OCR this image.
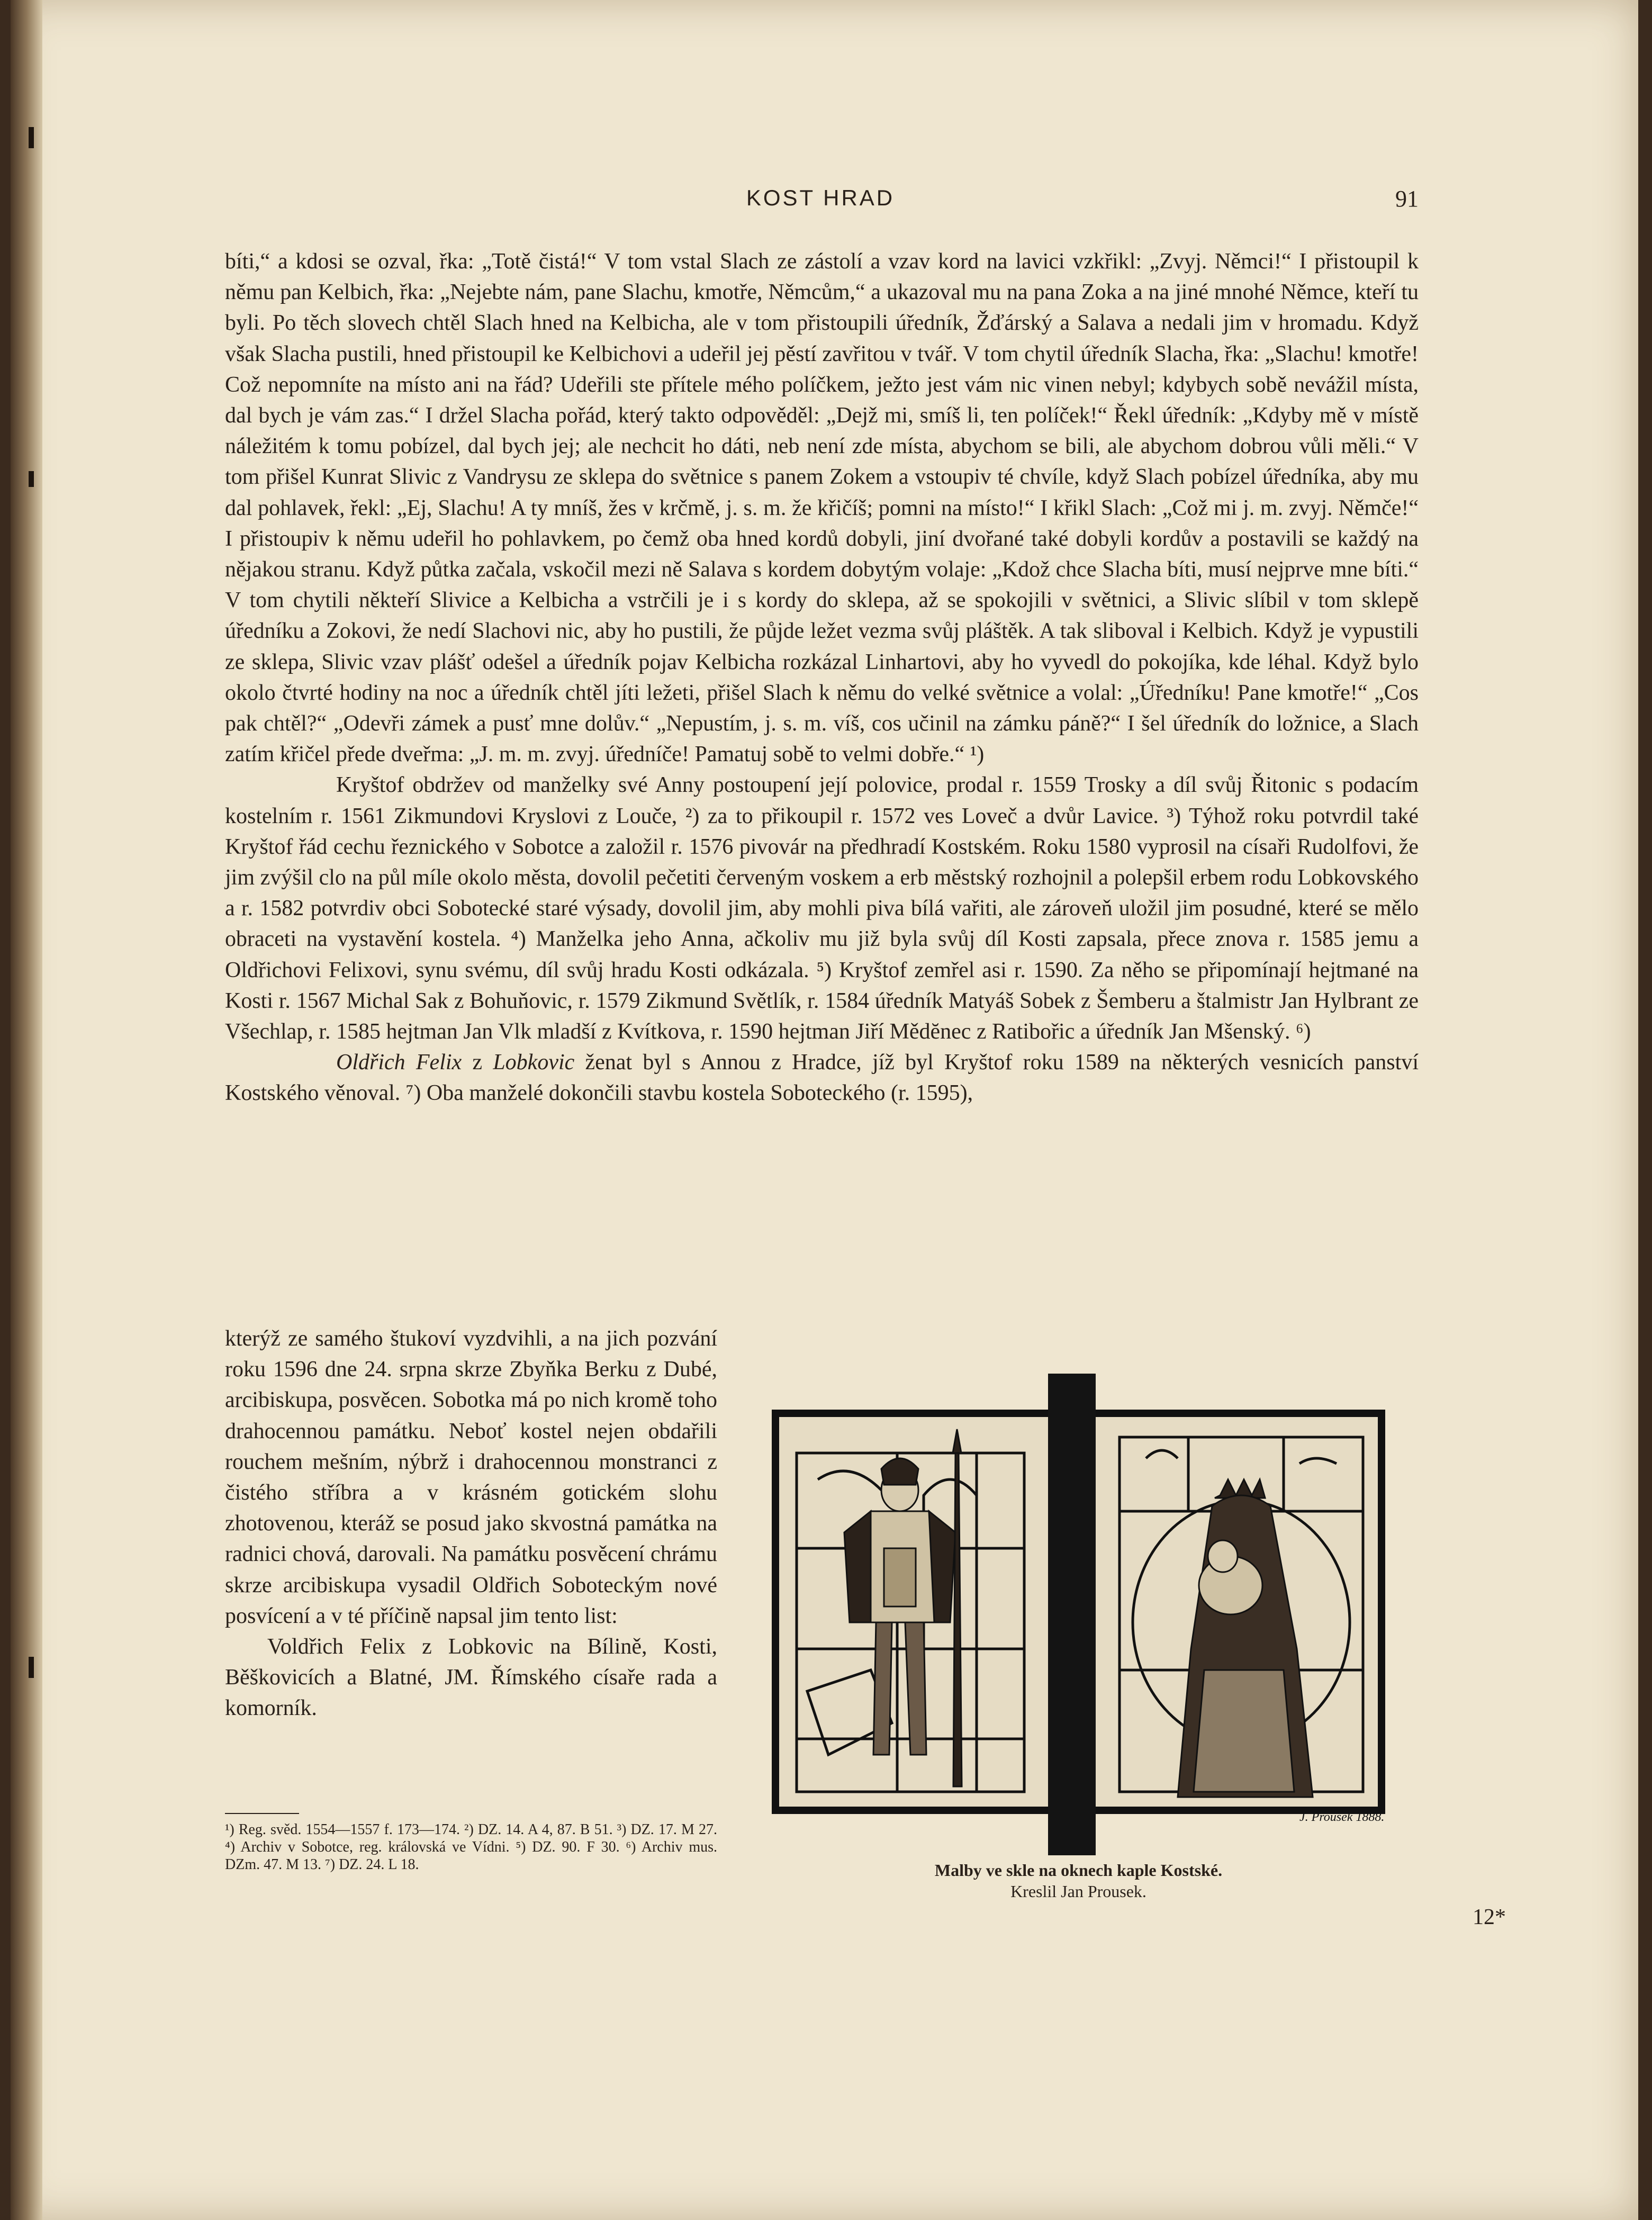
KOST HRAD	91

bíti,“ a kdosi se ozval, řka: „Totě čistá!“ V tom vstal Slach ze zástolí a vzav kord na lavici vzkřikl: „Zvyj. Němci!“ I přistoupil k němu pan Kelbich, řka: „Nejebte nám, pane Slachu, kmotře, Němcům,“ a ukazoval mu na pana Zoka a na jiné mnohé Němce, kteří tu byli. Po těch slovech chtěl Slach hned na Kelbicha, ale v tom přistoupili úředník, Žďárský a Salava a nedali jim v hromadu. Když však Slacha pustili, hned přistoupil ke Kelbichovi a udeřil jej pěstí zavřitou v tvář. V tom chytil úředník Slacha, řka: „Slachu! kmotře! Což nepomníte na místo ani na řád? Udeřili ste přítele mého políčkem, ježto jest vám nic vinen nebyl; kdybych sobě nevážil místa, dal bych je vám zas.“ I držel Slacha pořád, který takto odpověděl: „Dejž mi, smíš li, ten políček!“ Řekl úředník: „Kdyby mě v místě náležitém k tomu pobízel, dal bych jej; ale nechcit ho dáti, neb není zde místa, abychom se bili, ale abychom dobrou vůli měli.“ V tom přišel Kunrat Slivic z Vandrysu ze sklepa do světnice s panem Zokem a vstoupiv té chvíle, když Slach pobízel úředníka, aby mu dal pohlavek, řekl: „Ej, Slachu! A ty mníš, žes v krčmě, j. s. m. že křičíš; pomni na místo!“ I křikl Slach: „Což mi j. m. zvyj. Němče!“ I přistoupiv k němu udeřil ho pohlavkem, po čemž oba hned kordů dobyli, jiní dvořané také dobyli kordův a postavili se každý na nějakou stranu. Když půtka začala, vskočil mezi ně Salava s kordem dobytým volaje: „Kdož chce Slacha bíti, musí nejprve mne bíti.“ V tom chytili někteří Slivice a Kelbicha a vstrčili je i s kordy do sklepa, až se spokojili v světnici, a Slivic slíbil v tom sklepě úředníku a Zokovi, že nedí Slachovi nic, aby ho pustili, že půjde ležet vezma svůj pláštěk. A tak sliboval i Kelbich. Když je vypustili ze sklepa, Slivic vzav plášť odešel a úředník pojav Kelbicha rozkázal Linhartovi, aby ho vyvedl do pokojíka, kde léhal. Když bylo okolo čtvrté hodiny na noc a úředník chtěl jíti ležeti, přišel Slach k němu do velké světnice a volal: „Úředníku! Pane kmotře!“ „Cos pak chtěl?“ „Odevři zámek a pusť mne dolův.“ „Nepustím, j. s. m. víš, cos učinil na zámku páně?“ I šel úředník do ložnice, a Slach zatím křičel přede dveřma: „J. m. m. zvyj. úředníče! Pamatuj sobě to velmi dobře.“ ¹)

Kryštof obdržev od manželky své Anny postoupení její polovice, prodal r. 1559 Trosky a díl svůj Řitonic s podacím kostelním r. 1561 Zikmundovi Kryslovi z Louče, ²) za to přikoupil r. 1572 ves Loveč a dvůr Lavice. ³) Týhož roku potvrdil také Kryštof řád cechu řeznického v Sobotce a založil r. 1576 pivovár na předhradí Kostském. Roku 1580 vyprosil na císaři Rudolfovi, že jim zvýšil clo na půl míle okolo města, dovolil pečetiti červeným voskem a erb městský rozhojnil a polepšil erbem rodu Lobkovského a r. 1582 potvrdiv obci Sobotecké staré výsady, dovolil jim, aby mohli piva bílá vařiti, ale zároveň uložil jim posudné, které se mělo obraceti na vystavění kostela. ⁴) Manželka jeho Anna, ačkoliv mu již byla svůj díl Kosti zapsala, přece znova r. 1585 jemu a Oldřichovi Felixovi, synu svému, díl svůj hradu Kosti odkázala. ⁵) Kryštof zemřel asi r. 1590. Za něho se připomínají hejtmané na Kosti r. 1567 Michal Sak z Bohuňovic, r. 1579 Zikmund Světlík, r. 1584 úředník Matyáš Sobek z Šemberu a štalmistr Jan Hylbrant ze Všechlap, r. 1585 hejtman Jan Vlk mladší z Kvítkova, r. 1590 hejtman Jiří Mědĕnec z Ratibořic a úředník Jan Mšenský. ⁶)

Oldřich Felix z Lobkovic ženat byl s Annou z Hradce, jíž byl Kryštof roku 1589 na některých vesnicích panství Kostského věnoval. ⁷) Oba manželé dokončili stavbu kostela Soboteckého (r. 1595),

kterýž ze samého štukoví vyzdvihli, a na jich pozvání roku 1596 dne 24. srpna skrze Zbyňka Berku z Dubé, arcibiskupa, posvěcen. Sobotka má po nich kromě toho drahocennou památku. Neboť kostel nejen obdařili rouchem mešním, nýbrž i drahocennou monstranci z čistého stříbra a v krásném gotickém slohu zhotovenou, kteráž se posud jako skvostná památka na radnici chová, darovali. Na památku posvěcení chrámu skrze arcibiskupa vysadil Oldřich Soboteckým nové posvícení a v té příčině napsal jim tento list:

Voldřich Felix z Lobkovic na Bílině, Kosti, Běškovicích a Blatné, JM. Římského císaře rada a komorník.

¹) Reg. svěd. 1554—1557 f. 173—174. ²) DZ. 14. A 4, 87. B 51. ³) DZ. 17. M 27. ⁴) Archiv v Sobotce, reg. královská ve Vídni. ⁵) DZ. 90. F 30. ⁶) Archiv mus. DZm. 47. M 13. ⁷) DZ. 24. L 18.
J. Prousek 1888.
Malby ve skle na oknech kaple Kostské.
Kreslil Jan Prousek.
12*
